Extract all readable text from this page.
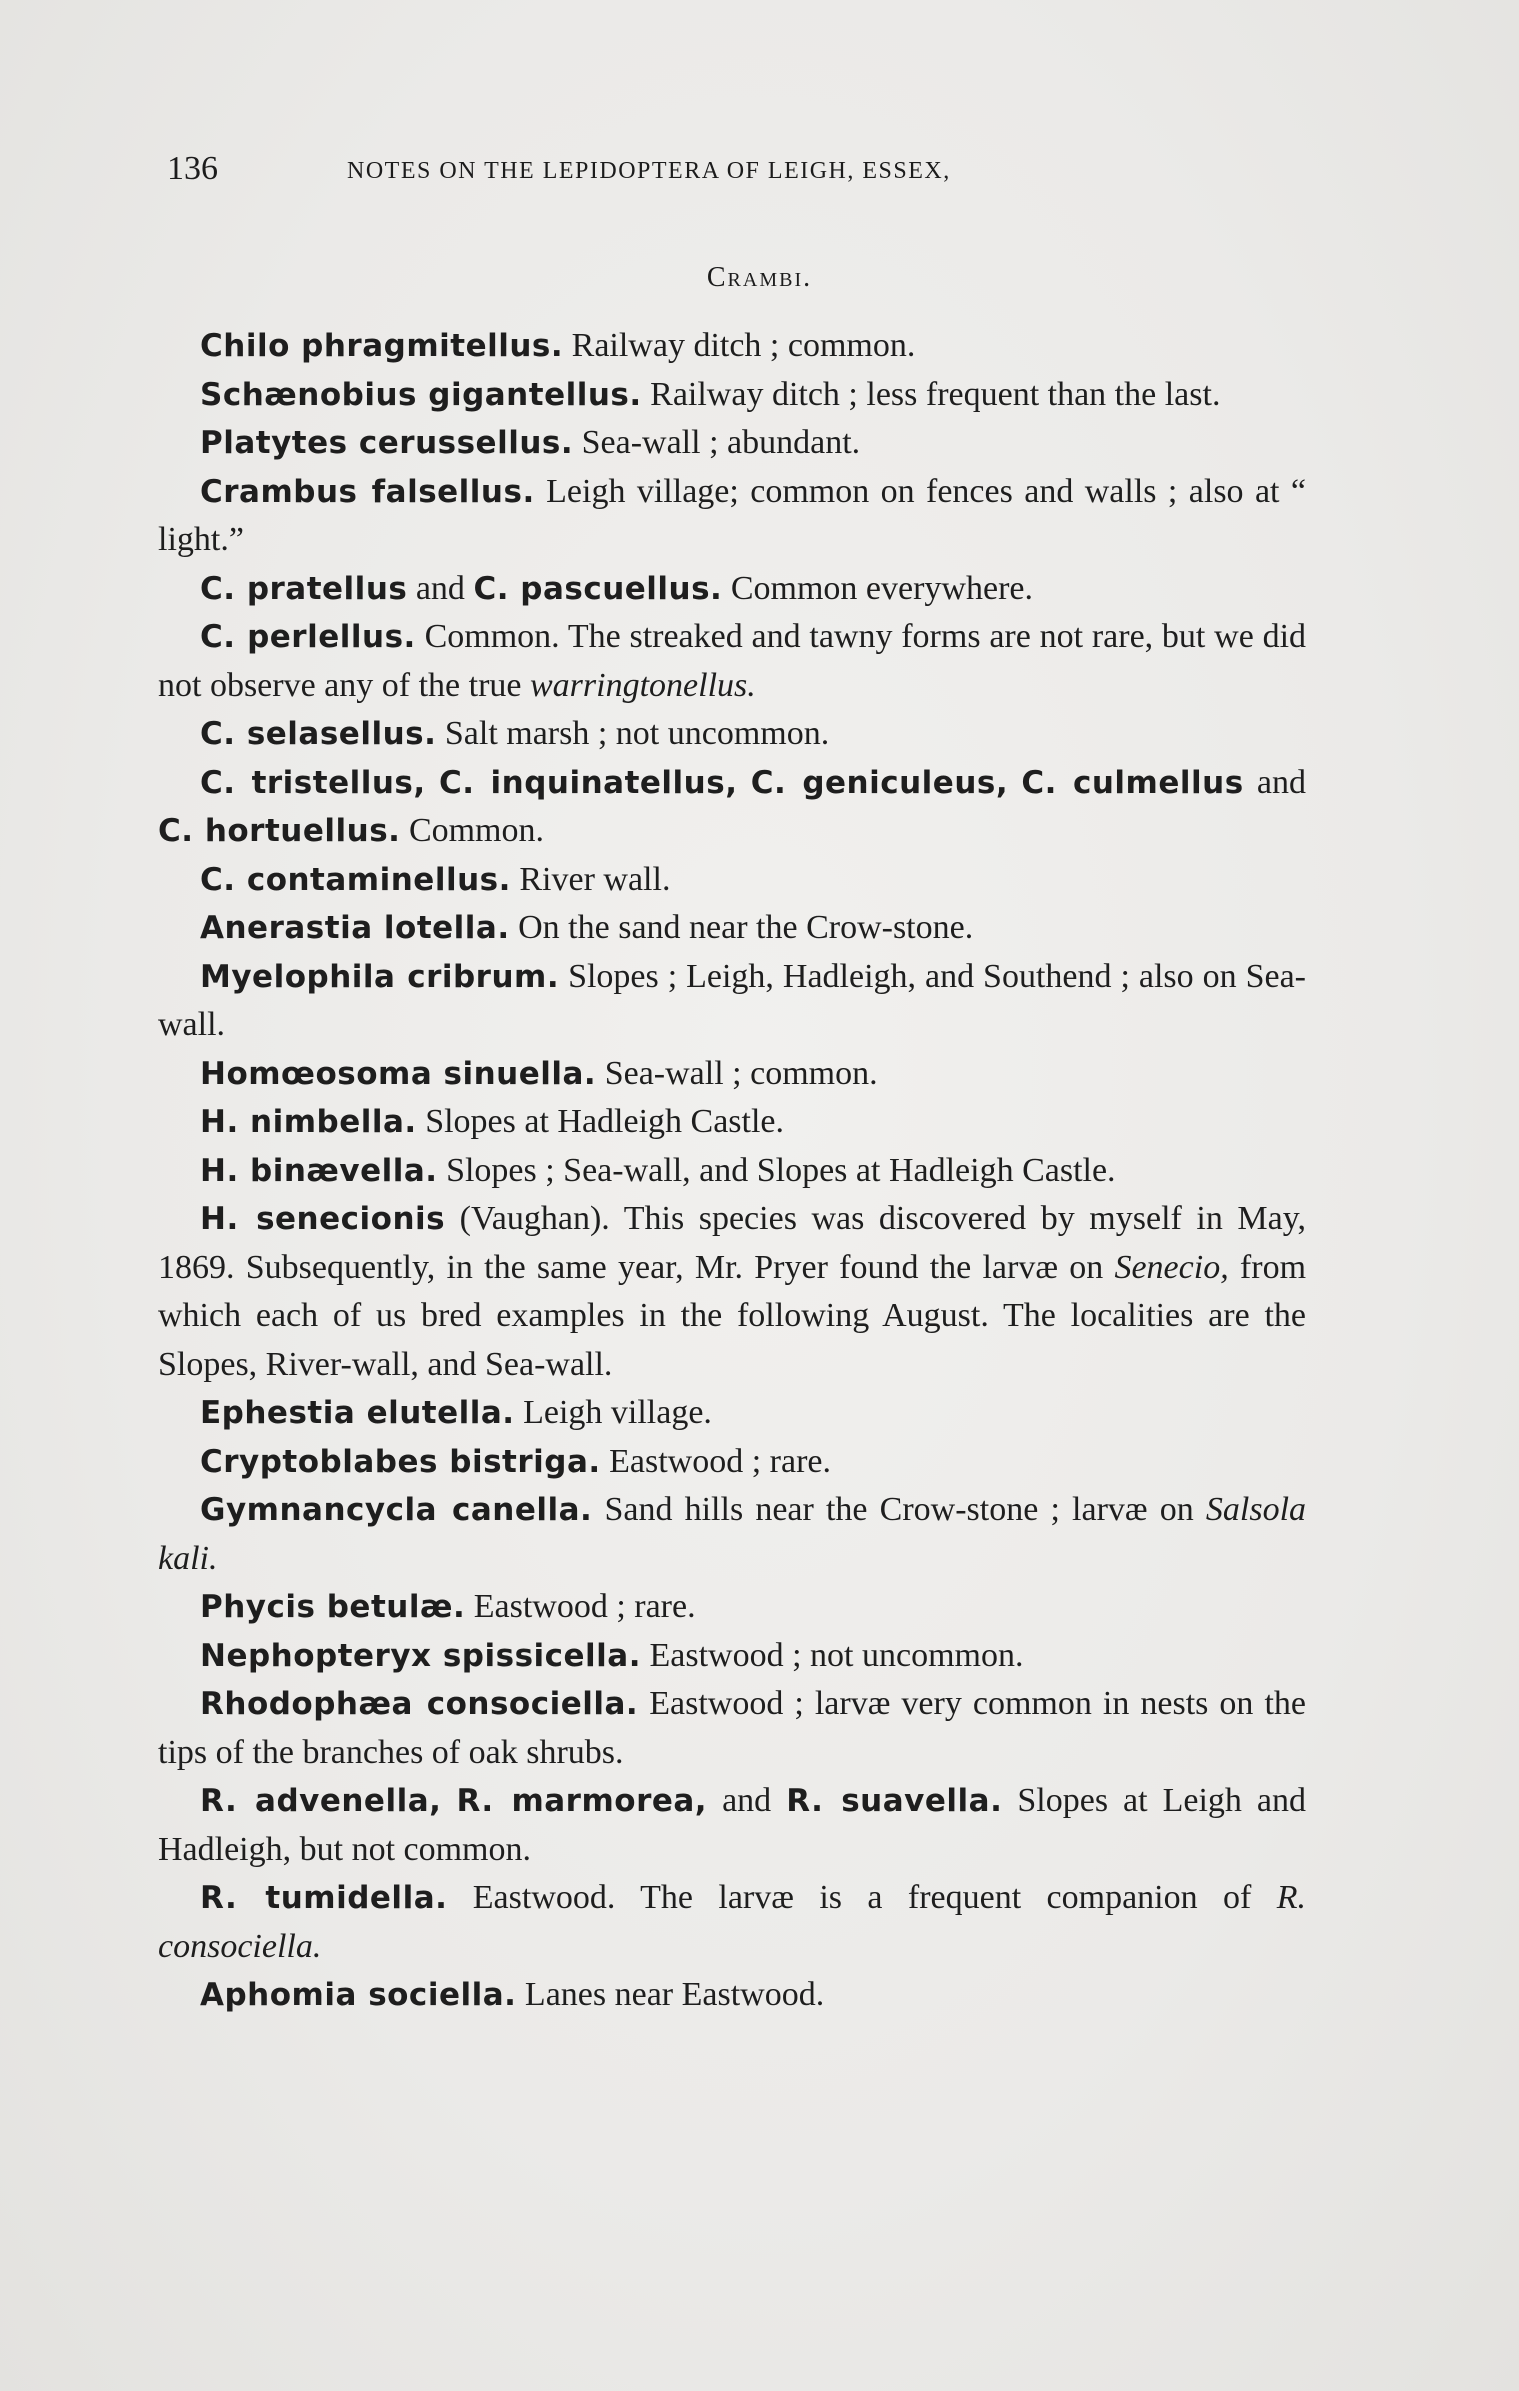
136	NOTES ON THE LEPIDOPTERA OF LEIGH, ESSEX,
Crambi.

Chilo phragmitellus. Railway ditch ; common.

Schænobius gigantellus. Railway ditch ; less frequent than the last.

Platytes cerussellus. Sea-wall ; abundant.

Crambus falsellus. Leigh village; common on fences and walls ; also at “ light.”

C. pratellus and C. pascuellus. Common everywhere.

C. perlellus. Common. The streaked and tawny forms are not rare, but we did not observe any of the true warringtonellus.

C. selasellus. Salt marsh ; not uncommon.

C. tristellus, C. inquinatellus, C. geniculeus, C. culmellus and C. hortuellus. Common.

C. contaminellus. River wall.

Anerastia lotella. On the sand near the Crow-stone.

Myelophila cribrum. Slopes ; Leigh, Hadleigh, and Southend ; also on Sea-wall.

Homœosoma sinuella. Sea-wall ; common.

H. nimbella. Slopes at Hadleigh Castle.

H. binævella. Slopes ; Sea-wall, and Slopes at Hadleigh Castle.

H. senecionis (Vaughan). This species was discovered by myself in May, 1869. Subsequently, in the same year, Mr. Pryer found the larvæ on Senecio, from which each of us bred examples in the following August. The localities are the Slopes, River-wall, and Sea-wall.

Ephestia elutella. Leigh village.

Cryptoblabes bistriga. Eastwood ; rare.

Gymnancycla canella. Sand hills near the Crow-stone ; larvæ on Salsola kali.

Phycis betulæ. Eastwood ; rare.

Nephopteryx spissicella. Eastwood ; not uncommon.

Rhodophæa consociella. Eastwood ; larvæ very common in nests on the tips of the branches of oak shrubs.

R. advenella, R. marmorea, and R. suavella. Slopes at Leigh and Hadleigh, but not common.

R. tumidella. Eastwood. The larvæ is a frequent companion of R. consociella.

Aphomia sociella. Lanes near Eastwood.
